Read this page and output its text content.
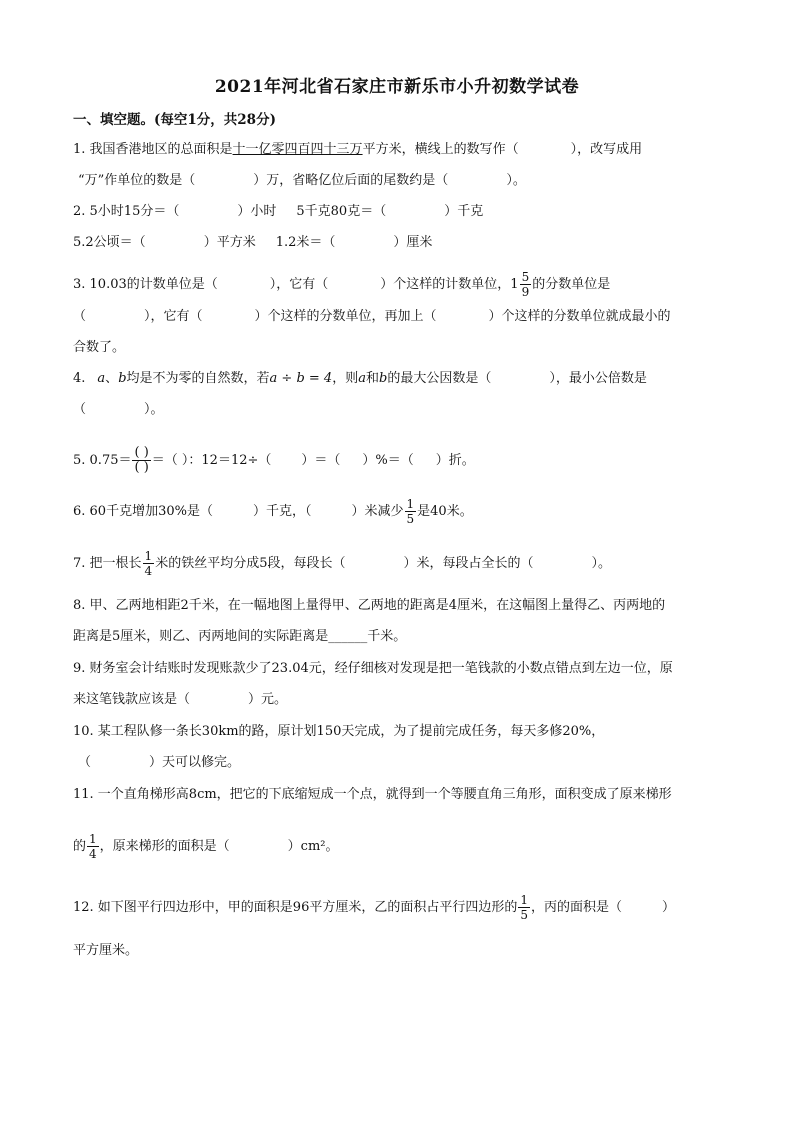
2021年河北省石家庄市新乐市小升初数学试卷
一、填空题。(每空1分，共28分)
1. 我国香港地区的总面积是十一亿零四百四十三万平方米，横线上的数写作（	），改写成用
“万”作单位的数是（	）万，省略亿位后面的尾数约是（	）。
2. 5小时15分＝（	）小时 5千克80克＝（	）千克
5.2公顷＝（	）平方米 1.2米＝（	）厘米
3. 10.03的计数单位是（	），它有（	）个这样的计数单位，$1 \frac{5}{9}$ 的分数单位是
（	），它有（	）个这样的分数单位，再加上（	）个这样的分数单位就成最小的
合数了。
4. a、b均是不为零的自然数，若a ÷ b = 4，则a和b的最大公因数是（	），最小公倍数是
（	）。
5. $0.75= \frac{( )}{( )}$ ＝（ ）：12＝12÷（ ）＝（ ）%＝（ ）折。
6. 60千克增加30%是（	）千克，（	）米减少 $\frac{1}{5}$ 是40米。
7. 把一根长 $\frac{1}{4}$ 米的铁丝平均分成5段，每段长（	）米，每段占全长的（	）。
8. 甲、乙两地相距2千米，在一幅地图上量得甲、乙两地的距离是4厘米，在这幅图上量得乙、丙两地的
距离是5厘米，则乙、丙两地间的实际距离是______千米。
9. 财务室会计结账时发现账款少了23.04元，经仔细核对发现是把一笔钱款的小数点错点到左边一位，原
来这笔钱款应该是（	）元。
10. 某工程队修一条长30km的路，原计划150天完成，为了提前完成任务，每天多修20%，
（	）天可以修完。
11. 一个直角梯形高8cm，把它的下底缩短成一个点，就得到一个等腰直角三角形，面积变成了原来梯形
的 $\frac{1}{4}$ ，原来梯形的面积是（	）cm²。
12. 如下图平行四边形中，甲的面积是96平方厘米，乙的面积占平行四边形的 $\frac{1}{5}$ ，丙的面积是（	）
平方厘米。
